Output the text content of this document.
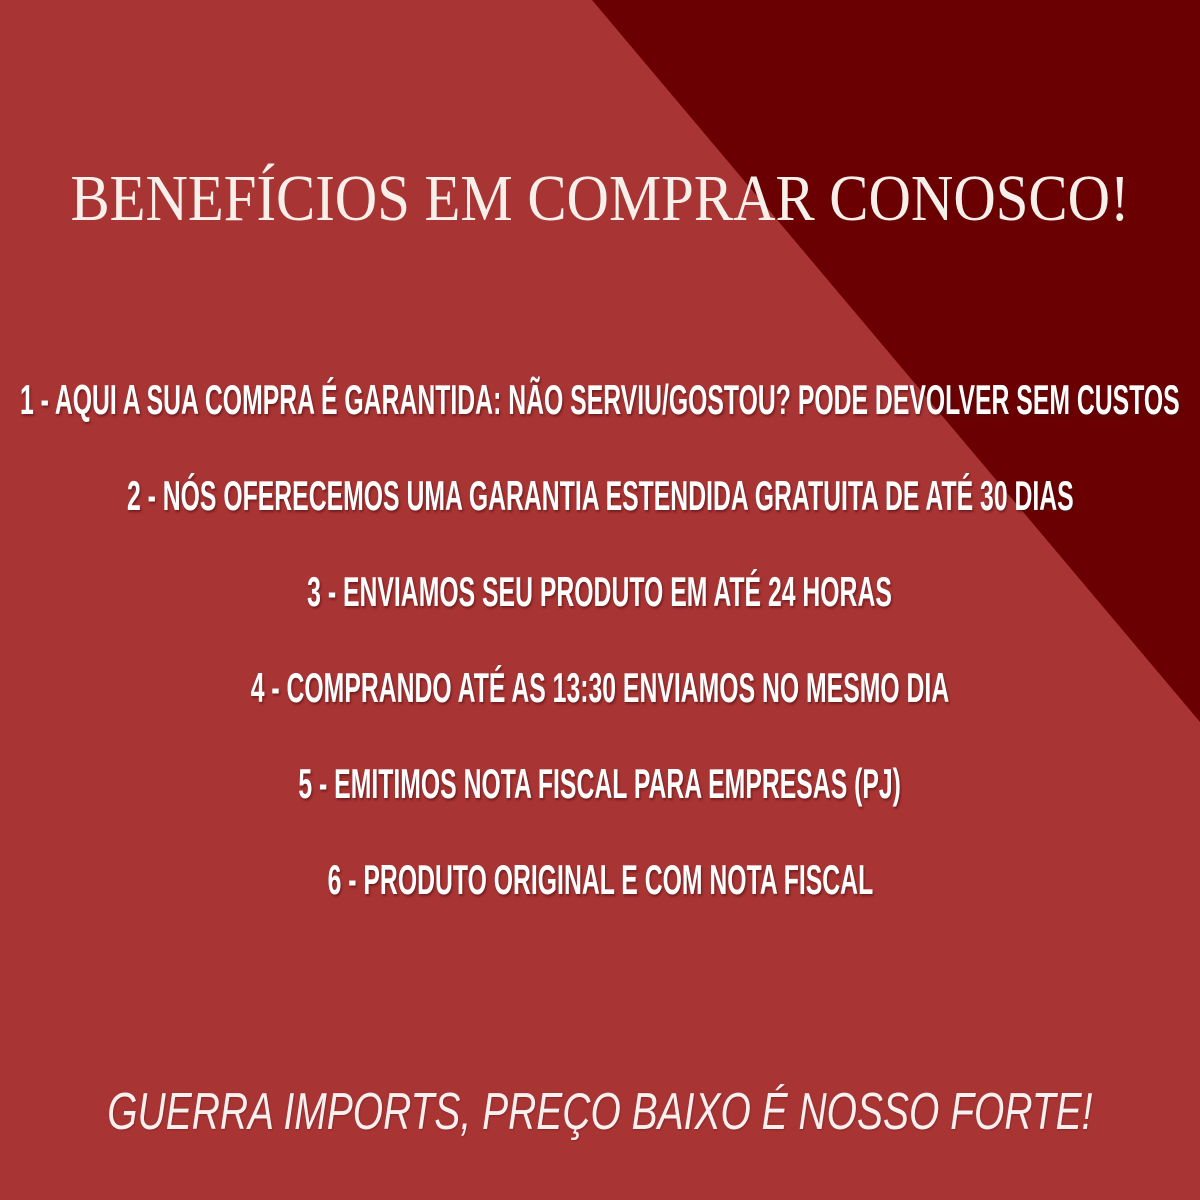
BENEFÍCIOS EM COMPRAR CONOSCO!
1 - AQUI A SUA COMPRA É GARANTIDA: NÃO SERVIU/GOSTOU? PODE DEVOLVER SEM CUSTOS
2 - NÓS OFERECEMOS UMA GARANTIA ESTENDIDA GRATUITA DE ATÉ 30 DIAS
3 - ENVIAMOS SEU PRODUTO EM ATÉ 24 HORAS
4 - COMPRANDO ATÉ AS 13:30 ENVIAMOS NO MESMO DIA
5 - EMITIMOS NOTA FISCAL PARA EMPRESAS (PJ)
6 - PRODUTO ORIGINAL E COM NOTA FISCAL
GUERRA IMPORTS, PREÇO BAIXO É NOSSO FORTE!
